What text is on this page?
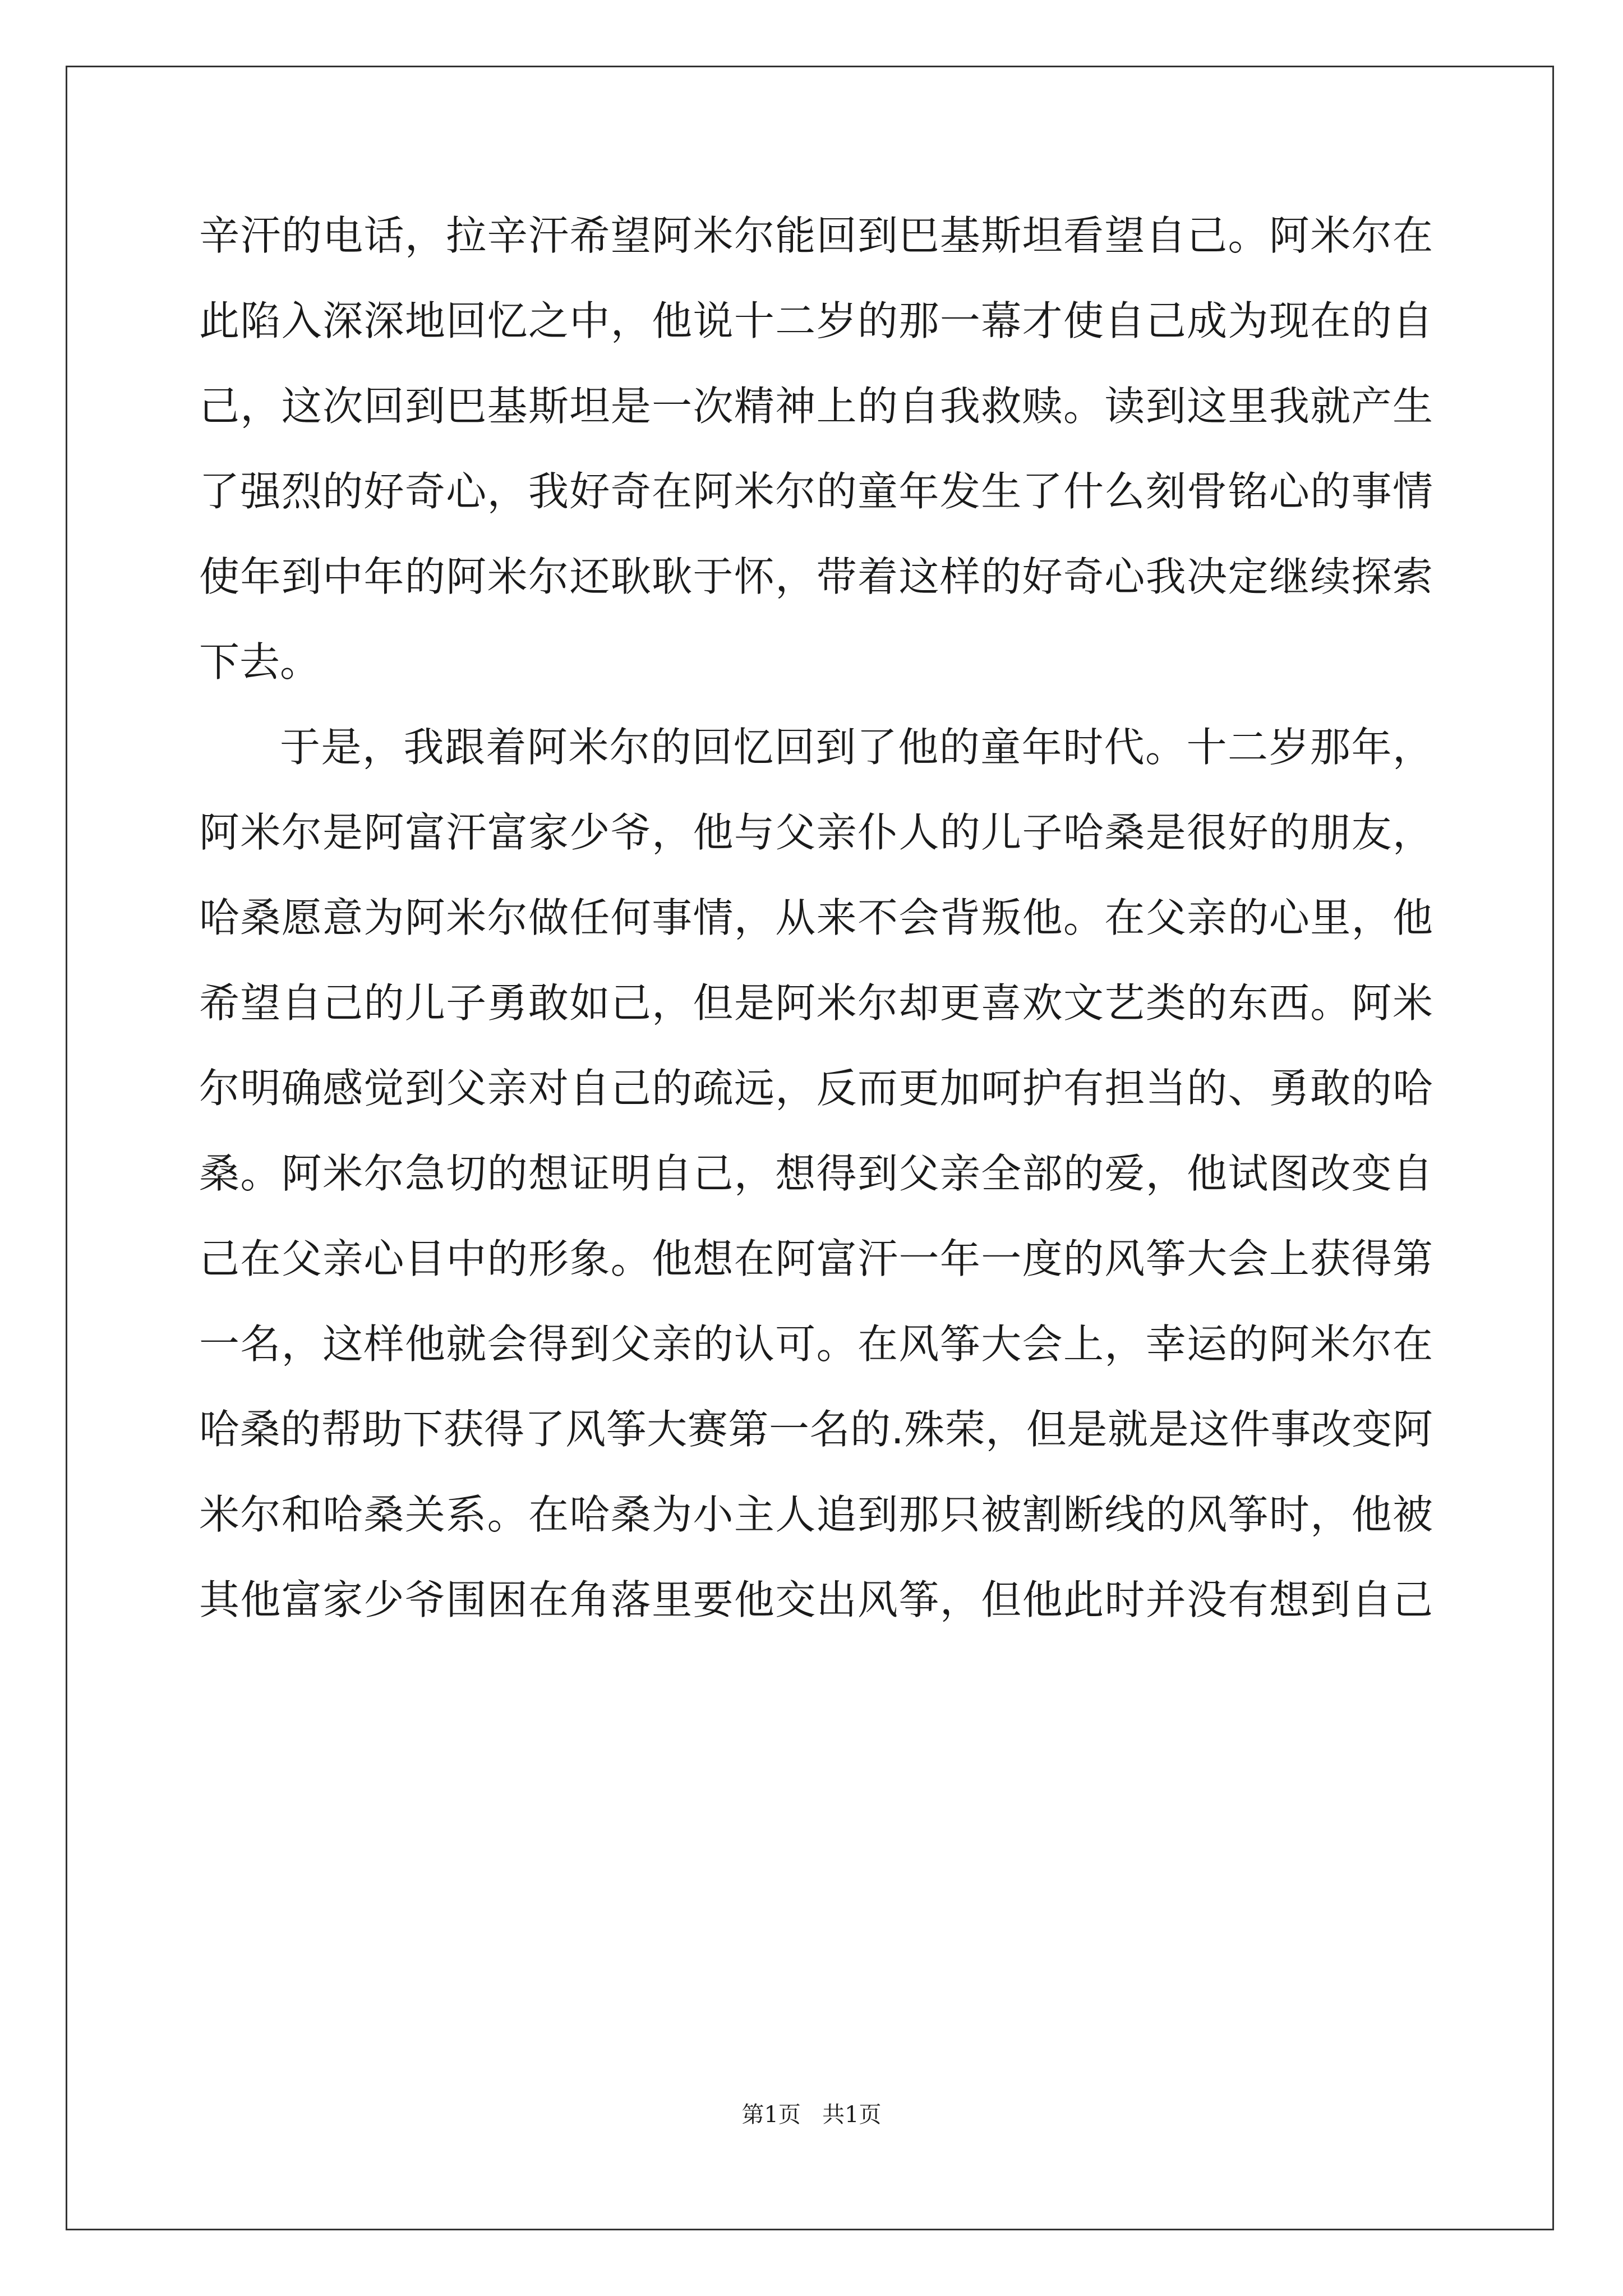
辛汗的电话，拉辛汗希望阿米尔能回到巴基斯坦看望自己。阿米尔在
此陷入深深地回忆之中，他说十二岁的那一幕才使自己成为现在的自
己，这次回到巴基斯坦是一次精神上的自我救赎。读到这里我就产生
了强烈的好奇心，我好奇在阿米尔的童年发生了什么刻骨铭心的事情
使年到中年的阿米尔还耿耿于怀，带着这样的好奇心我决定继续探索
下去。
于是，我跟着阿米尔的回忆回到了他的童年时代。十二岁那年，
阿米尔是阿富汗富家少爷，他与父亲仆人的儿子哈桑是很好的朋友，
哈桑愿意为阿米尔做任何事情，从来不会背叛他。在父亲的心里，他
希望自己的儿子勇敢如己，但是阿米尔却更喜欢文艺类的东西。阿米
尔明确感觉到父亲对自己的疏远，反而更加呵护有担当的、勇敢的哈
桑。阿米尔急切的想证明自己，想得到父亲全部的爱，他试图改变自
己在父亲心目中的形象。他想在阿富汗一年一度的风筝大会上获得第
一名，这样他就会得到父亲的认可。在风筝大会上，幸运的阿米尔在
哈桑的帮助下获得了风筝大赛第一名的.殊荣，但是就是这件事改变阿
米尔和哈桑关系。在哈桑为小主人追到那只被割断线的风筝时，他被
其他富家少爷围困在角落里要他交出风筝，但他此时并没有想到自己
第1页 共1页
